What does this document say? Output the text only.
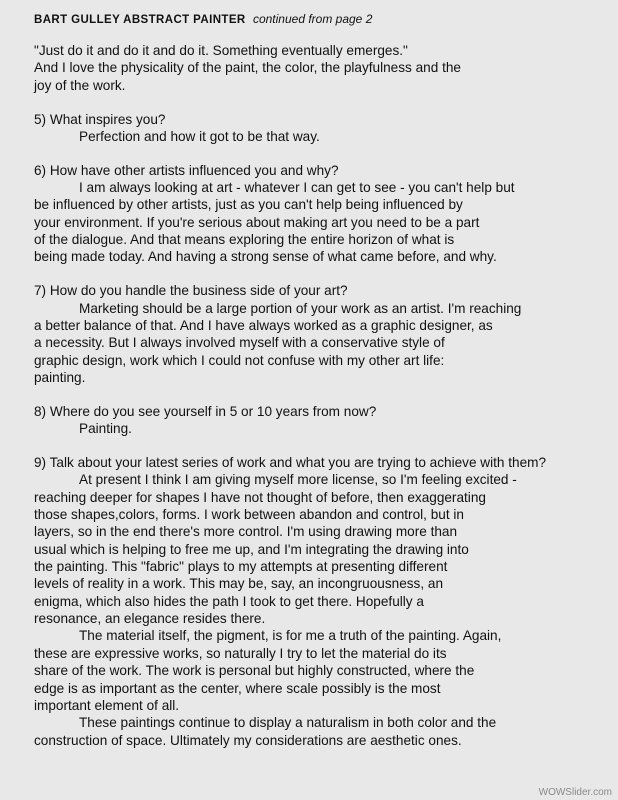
BART GULLEY ABSTRACT PAINTER continued from page 2

"Just do it and do it and do it. Something eventually emerges."

And I love the physicality of the paint, the color, the playfulness and the

joy of the work.

5) What inspires you?

Perfection and how it got to be that way.

6) How have other artists influenced you and why?

I am always looking at art - whatever I can get to see - you can't help but

be influenced by other artists, just as you can't help being influenced by

your environment. If you're serious about making art you need to be a part

of the dialogue. And that means exploring the entire horizon of what is

being made today. And having a strong sense of what came before, and why.

7) How do you handle the business side of your art?

Marketing should be a large portion of your work as an artist. I'm reaching

a better balance of that. And I have always worked as a graphic designer, as

a necessity. But I always involved myself with a conservative style of

graphic design, work which I could not confuse with my other art life:

painting.

8) Where do you see yourself in 5 or 10 years from now?

Painting.

9) Talk about your latest series of work and what you are trying to achieve with them?

At present I think I am giving myself more license, so I'm feeling excited -

reaching deeper for shapes I have not thought of before, then exaggerating

those shapes,colors, forms. I work between abandon and control, but in

layers, so in the end there's more control. I'm using drawing more than

usual which is helping to free me up, and I'm integrating the drawing into

the painting. This "fabric" plays to my attempts at presenting different

levels of reality in a work. This may be, say, an incongruousness, an

enigma, which also hides the path I took to get there. Hopefully a

resonance, an elegance resides there.

The material itself, the pigment, is for me a truth of the painting. Again,

these are expressive works, so naturally I try to let the material do its

share of the work. The work is personal but highly constructed, where the

edge is as important as the center, where scale possibly is the most

important element of all.

These paintings continue to display a naturalism in both color and the

construction of space. Ultimately my considerations are aesthetic ones.

WOWSlider.com
